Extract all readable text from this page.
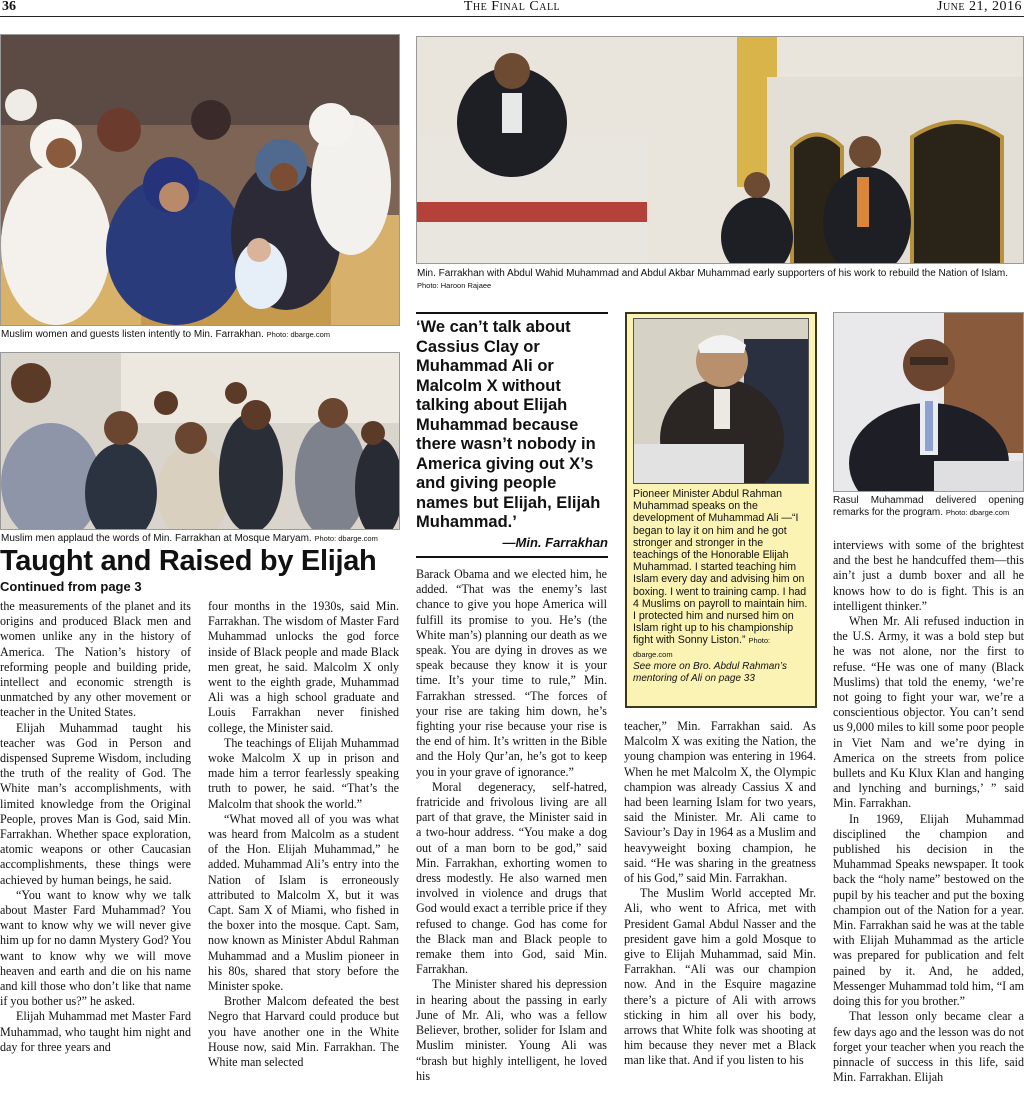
36	The Final Call	June 21, 2016
Muslim women and guests listen intently to Min. Farrakhan. Photo: dbarge.com
Muslim men applaud the words of Min. Farrakhan at Mosque Maryam. Photo: dbarge.com
Min. Farrakhan with Abdul Wahid Muhammad and Abdul Akbar Muhammad early supporters of his work to rebuild the Nation of Islam.
Photo: Haroon Rajaee
‘We can’t talk about Cassius Clay or Muhammad Ali or Malcolm X without talking about Elijah Muhammad because there wasn’t nobody in America giving out X’s and giving people names but Elijah, Elijah Muhammad.’
—Min. Farrakhan
Pioneer Minister Abdul Rahman Muhammad speaks on the development of Muhammad Ali —“I began to lay it on him and he got stronger and stronger in the teachings of the Honorable Elijah Muhammad. I started teaching him Islam every day and advising him on boxing. I went to training camp. I had 4 Muslims on payroll to maintain him. I protected him and nursed him on Islam right up to his championship fight with Sonny Liston.” Photo: dbarge.com
See more on Bro. Abdul Rahman’s mentoring of Ali on page 33
Rasul Muhammad delivered opening remarks for the program. Photo: dbarge.com
Taught and Raised by Elijah
Continued from page 3

the measurements of the planet and its origins and produced Black men and women unlike any in the history of America. The Nation’s history of reforming people and building pride, intellect and economic strength is unmatched by any other movement or teacher in the United States.

Elijah Muhammad taught his teacher was God in Person and dispensed Supreme Wisdom, including the truth of the reality of God. The White man’s accomplishments, with limited knowledge from the Original People, proves Man is God, said Min. Farrakhan. Whether space exploration, atomic weapons or other Caucasian accomplishments, these things were achieved by human beings, he said.

“You want to know why we talk about Master Fard Muhammad? You want to know why we will never give him up for no damn Mystery God? You want to know why we will move heaven and earth and die on his name and kill those who don’t like that name if you bother us?” he asked.

Elijah Muhammad met Master Fard Muhammad, who taught him night and day for three years and

four months in the 1930s, said Min. Farrakhan. The wisdom of Master Fard Muhammad unlocks the god force inside of Black people and made Black men great, he said. Malcolm X only went to the eighth grade, Muhammad Ali was a high school graduate and Louis Farrakhan never finished college, the Minister said.

The teachings of Elijah Muhammad woke Malcolm X up in prison and made him a terror fearlessly speaking truth to power, he said. “That’s the Malcolm that shook the world.”

“What moved all of you was what was heard from Malcolm as a student of the Hon. Elijah Muhammad,” he added. Muhammad Ali’s entry into the Nation of Islam is erroneously attributed to Malcolm X, but it was Capt. Sam X of Miami, who fished in the boxer into the mosque. Capt. Sam, now known as Minister Abdul Rahman Muhammad and a Muslim pioneer in his 80s, shared that story before the Minister spoke.

Brother Malcom defeated the best Negro that Harvard could produce but you have another one in the White House now, said Min. Farrakhan. The White man selected

Barack Obama and we elected him, he added. “That was the enemy’s last chance to give you hope America will fulfill its promise to you. He’s (the White man’s) planning our death as we speak. You are dying in droves as we speak because they know it is your time. It’s your time to rule,” Min. Farrakhan stressed. “The forces of your rise are taking him down, he’s fighting your rise because your rise is the end of him. It’s written in the Bible and the Holy Qur’an, he’s got to keep you in your grave of ignorance.”

Moral degeneracy, self-hatred, fratricide and frivolous living are all part of that grave, the Minister said in a two-hour address. “You make a dog out of a man born to be god,” said Min. Farrakhan, exhorting women to dress modestly. He also warned men involved in violence and drugs that God would exact a terrible price if they refused to change. God has come for the Black man and Black people to remake them into God, said Min. Farrakhan.

The Minister shared his depression in hearing about the passing in early June of Mr. Ali, who was a fellow Believer, brother, solider for Islam and Muslim minister. Young Ali was “brash but highly intelligent, he loved his

teacher,” Min. Farrakhan said. As Malcolm X was exiting the Nation, the young champion was entering in 1964. When he met Malcolm X, the Olympic champion was already Cassius X and had been learning Islam for two years, said the Minister. Mr. Ali came to Saviour’s Day in 1964 as a Muslim and heavyweight boxing champion, he said. “He was sharing in the greatness of his God,” said Min. Farrakhan.

The Muslim World accepted Mr. Ali, who went to Africa, met with President Gamal Abdul Nasser and the president gave him a gold Mosque to give to Elijah Muhammad, said Min. Farrakhan. “Ali was our champion now. And in the Esquire magazine there’s a picture of Ali with arrows sticking in him all over his body, arrows that White folk was shooting at him because they never met a Black man like that. And if you listen to his

interviews with some of the brightest and the best he handcuffed them—this ain’t just a dumb boxer and all he knows how to do is fight. This is an intelligent thinker.”

When Mr. Ali refused induction in the U.S. Army, it was a bold step but he was not alone, nor the first to refuse. “He was one of many (Black Muslims) that told the enemy, ‘we’re not going to fight your war, we’re a conscientious objector. You can’t send us 9,000 miles to kill some poor people in Viet Nam and we’re dying in America on the streets from police bullets and Ku Klux Klan and hanging and lynching and burnings,’ ” said Min. Farrakhan.

In 1969, Elijah Muhammad disciplined the champion and published his decision in the Muhammad Speaks newspaper. It took back the “holy name” bestowed on the pupil by his teacher and put the boxing champion out of the Nation for a year. Min. Farrakhan said he was at the table with Elijah Muhammad as the article was prepared for publication and felt pained by it. And, he added, Messenger Muhammad told him, “I am doing this for you brother.”

That lesson only became clear a few days ago and the lesson was do not forget your teacher when you reach the pinnacle of success in this life, said Min. Farrakhan. Elijah
